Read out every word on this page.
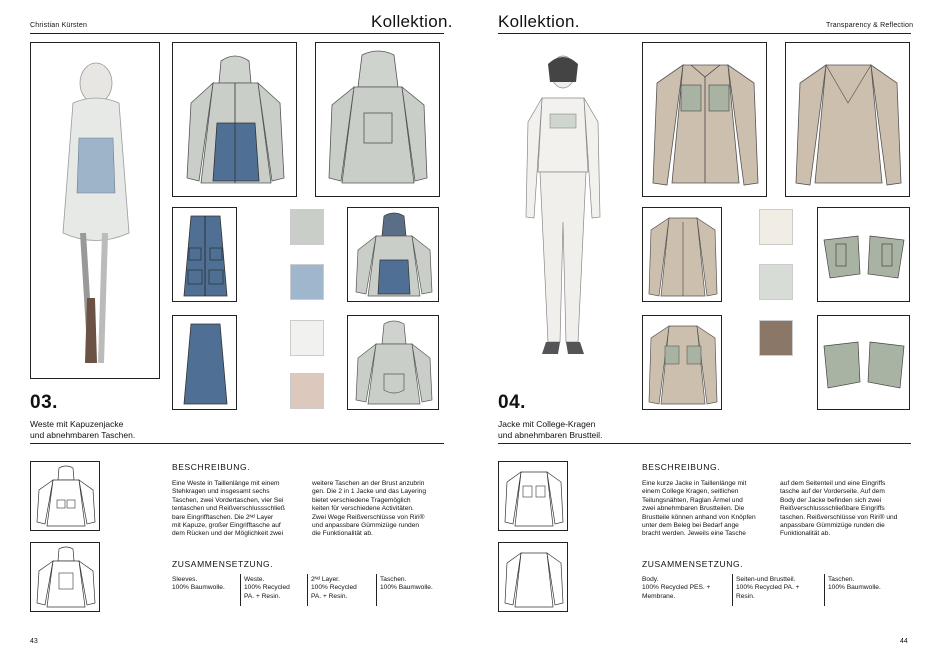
Christian Kürsten	Kollektion.
03.
Weste mit Kapuzenjacke
und abnehmbaren Taschen.
BESCHREIBUNG.
Eine Weste in Taillenlänge mit einem
Stehkragen und insgesamt sechs
Taschen, zwei Vordertaschen, vier Sei
tentaschen und Reißverschlussschließ
bare Eingrifftaschen. Die 2ᴺᵈ Layer
mit Kapuze, großer Eingrifftasche auf
dem Rücken und der Möglichkeit zwei
weitere Taschen an der Brust anzubrin
gen. Die 2 in 1 Jacke und das Layering
bietet verschiedene Tragemöglich
keiten für verschiedene Activitäten.
Zwei Wege Reißverschlüsse von Riri®
und anpassbare Gümmizüge runden
die Funktionalität ab.
ZUSAMMENSETZUNG.
Sleeves.
100% Baumwolle.
Weste.
100% Recycled
PA. + Resin.
2ᴺᵈ Layer.
100% Recycled
PA. + Resin.
Taschen.
100% Baumwolle.
43
Kollektion.	Transparency & Reflection
04.
Jacke mit College-Kragen
und abnehmbaren Brustteil.
BESCHREIBUNG.
Eine kurze Jacke in Taillenlänge mit
einem College Kragen, seitlichen
Teilungsnähten, Raglan Ärmel und
zwei abnehmbaren Brustteilen. Die
Brustteile können anhand von Knöpfen
unter dem Beleg bei Bedarf ange
bracht werden. Jeweils eine Tasche
auf dem Seitenteil und eine Eingriffs
tasche auf der Vorderseite. Auf dem
Body der Jacke befinden sich zwei
Reißverschlussschließbare Eingriffs
taschen. Reißverschlüsse von Riri® und
anpassbare Gümmizüge runden die
Funktionalität ab.
ZUSAMMENSETZUNG.
Body.
100% Recycled PES. +
Membrane.
Seiten-und Brustteil.
100% Recycled PA. +
Resin.
Taschen.
100% Baumwolle.
44
